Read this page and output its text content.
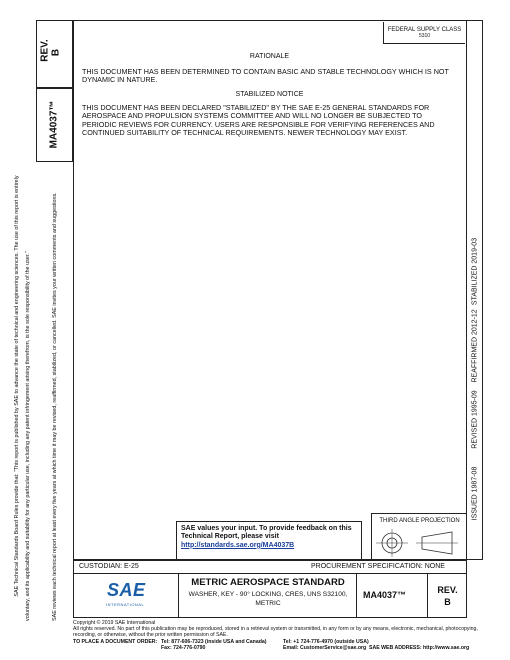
FEDERAL SUPPLY CLASS
5310
REV. B
MA4037™
SAE Technical Standards Board Rules provide that: “This report is published by SAE to advance the state of technical and engineering sciences. The use of this report is entirely voluntary, and its applicability and suitability for any particular use, including any patent infringement arising therefrom, is the sole responsibility of the user.”	SAE reviews each technical report at least every five years at which time it may be revised, reaffirmed, stabilized, or cancelled. SAE invites your written comments and suggestions.	STABILIZED 2019-03
REAFFIRMED 2012-12
REVISED 1995-09
ISSUED 1987-08
RATIONALE
THIS DOCUMENT HAS BEEN DETERMINED TO CONTAIN BASIC AND STABLE TECHNOLOGY WHICH IS NOT DYNAMIC IN NATURE.
STABILIZED NOTICE
THIS DOCUMENT HAS BEEN DECLARED "STABILIZED" BY THE SAE E-25 GENERAL STANDARDS FOR AEROSPACE AND PROPULSION SYSTEMS COMMITTEE AND WILL NO LONGER BE SUBJECTED TO PERIODIC REVIEWS FOR CURRENCY. USERS ARE RESPONSIBLE FOR VERIFYING REFERENCES AND CONTINUED SUITABILITY OF TECHNICAL REQUIREMENTS. NEWER TECHNOLOGY MAY EXIST.
SAE values your input. To provide feedback on this
Technical Report, please visit
http://standards.sae.org/MA4037B
THIRD ANGLE PROJECTION
CUSTODIAN: E-25	PROCUREMENT SPECIFICATION: NONE
SAE
INTERNATIONAL
METRIC AEROSPACE STANDARD
WASHER, KEY - 90° LOCKING, CRES, UNS S32100,
METRIC
MA4037™	REV.
B
Copyright © 2019 SAE International
All rights reserved. No part of this publication may be reproduced, stored in a retrieval system or transmitted, in any form or by any means, electronic, mechanical, photocopying,
recording, or otherwise, without the prior written permission of SAE.
TO PLACE A DOCUMENT ORDER: Tel: 877-606-7323 (inside USA and Canada)
Fax: 724-776-0790
Tel: +1 724-776-4970 (outside USA)
Email: CustomerService@sae.org SAE WEB ADDRESS: http://www.sae.org
